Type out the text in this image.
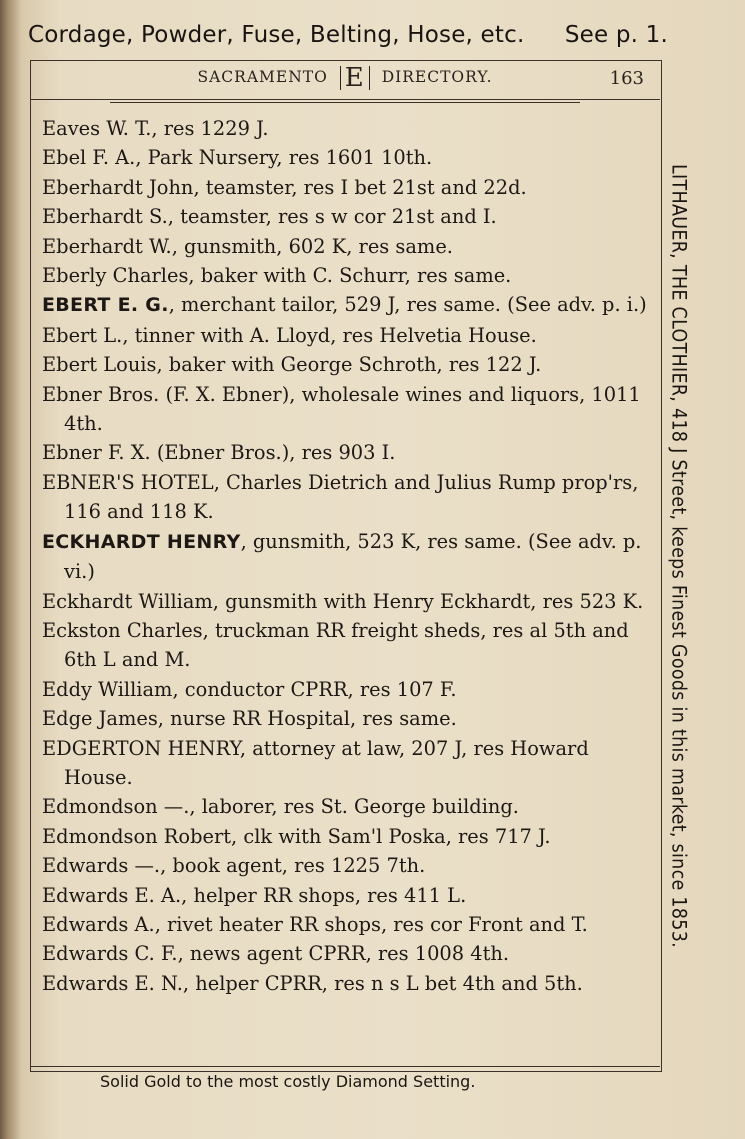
Cordage, Powder, Fuse, Belting, Hose, etc. See p. 1.
SACRAMENTO E DIRECTORY.	163
Eaves W. T., res 1229 J.
Ebel F. A., Park Nursery, res 1601 10th.
Eberhardt John, teamster, res I bet 21st and 22d.
Eberhardt S., teamster, res s w cor 21st and I.
Eberhardt W., gunsmith, 602 K, res same.
Eberly Charles, baker with C. Schurr, res same.
EBERT E. G., merchant tailor, 529 J, res same. (See adv. p. i.)
Ebert L., tinner with A. Lloyd, res Helvetia House.
Ebert Louis, baker with George Schroth, res 122 J.
Ebner Bros. (F. X. Ebner), wholesale wines and liquors, 1011 4th.
Ebner F. X. (Ebner Bros.), res 903 I.
EBNER'S HOTEL, Charles Dietrich and Julius Rump prop'rs, 116 and 118 K.
ECKHARDT HENRY, gunsmith, 523 K, res same. (See adv. p. vi.)
Eckhardt William, gunsmith with Henry Eckhardt, res 523 K.
Eckston Charles, truckman RR freight sheds, res al 5th and 6th L and M.
Eddy William, conductor CPRR, res 107 F.
Edge James, nurse RR Hospital, res same.
EDGERTON HENRY, attorney at law, 207 J, res Howard House.
Edmondson —., laborer, res St. George building.
Edmondson Robert, clk with Sam'l Poska, res 717 J.
Edwards —., book agent, res 1225 7th.
Edwards E. A., helper RR shops, res 411 L.
Edwards A., rivet heater RR shops, res cor Front and T.
Edwards C. F., news agent CPRR, res 1008 4th.
Edwards E. N., helper CPRR, res n s L bet 4th and 5th.
LITHAUER, THE CLOTHIER, 418 J Street, keeps Finest Goods in this market, since 1853.
Solid Gold to the most costly Diamond Setting.
